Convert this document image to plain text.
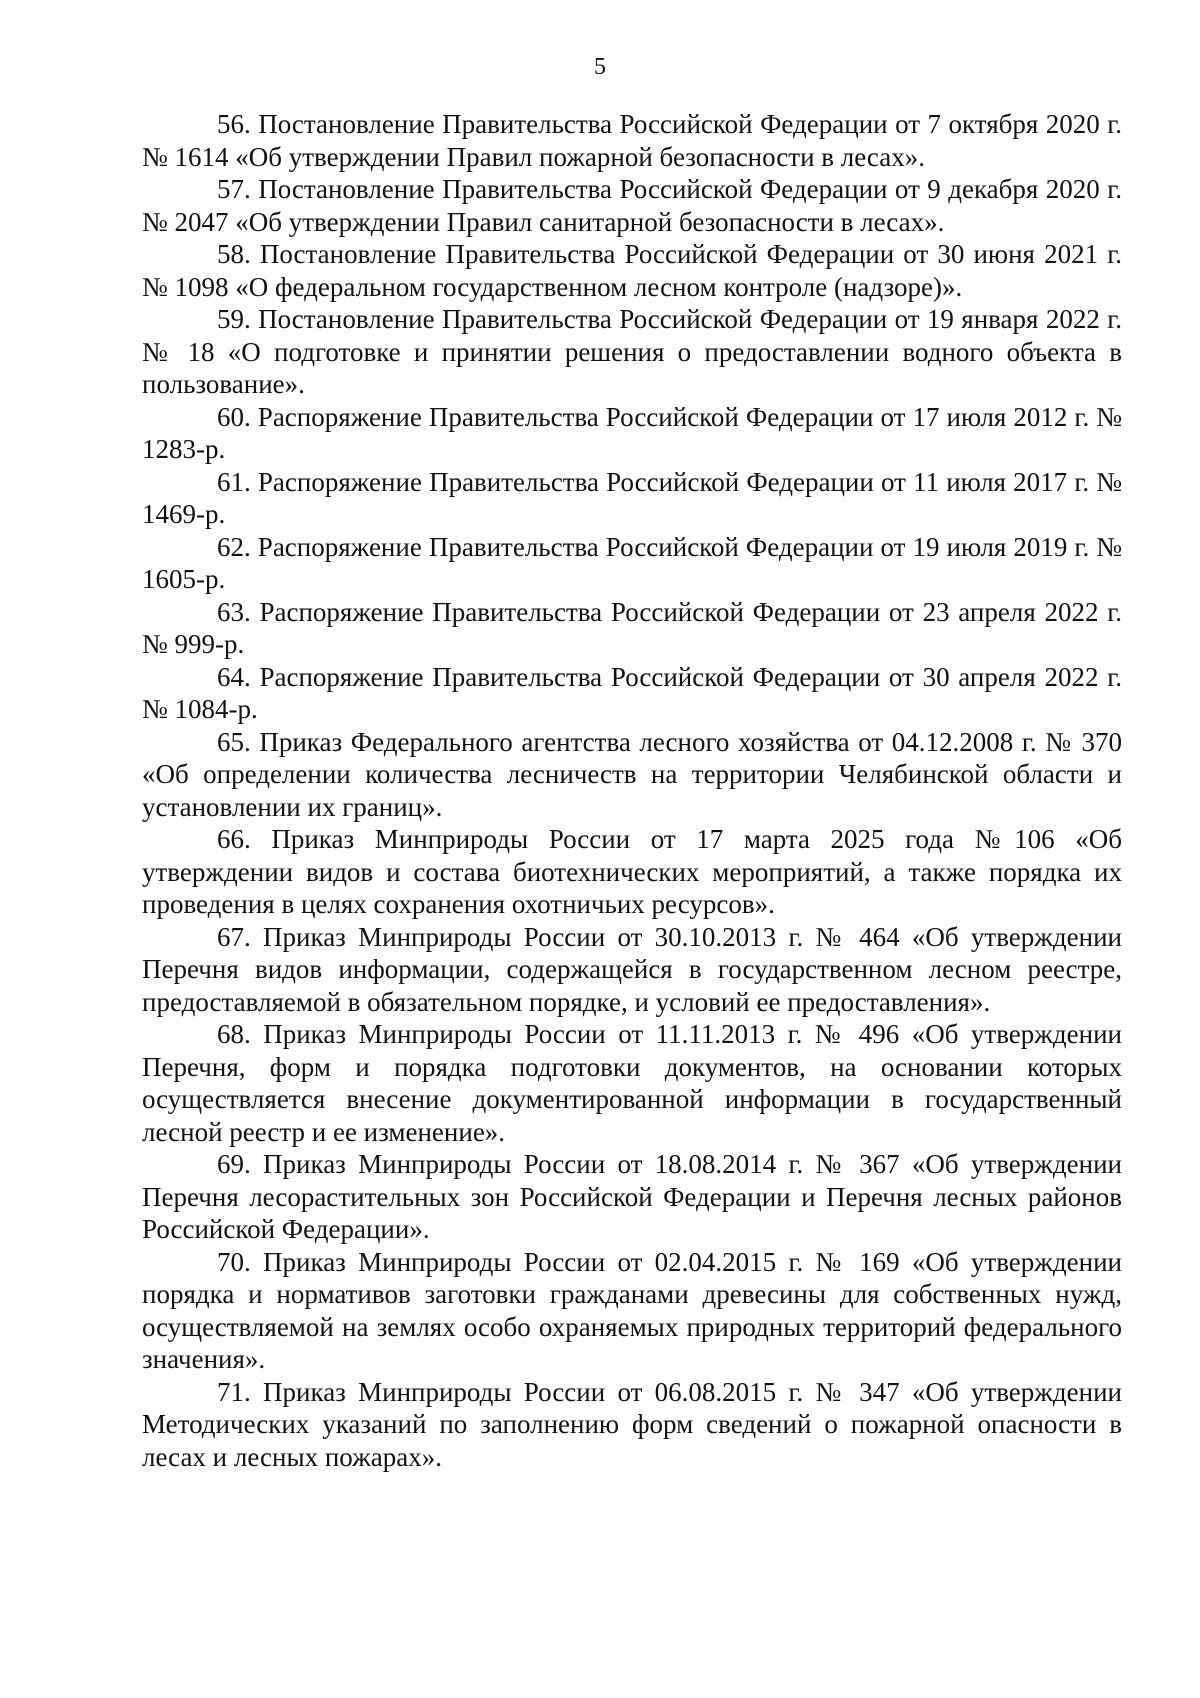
5

56. Постановление Правительства Российской Федерации от 7 октября 2020 г. № 1614 «Об утверждении Правил пожарной безопасности в лесах».

57. Постановление Правительства Российской Федерации от 9 декабря 2020 г. № 2047 «Об утверждении Правил санитарной безопасности в лесах».

58. Постановление Правительства Российской Федерации от 30 июня 2021 г. № 1098 «О федеральном государственном лесном контроле (надзоре)».

59. Постановление Правительства Российской Федерации от 19 января 2022 г. № 18 «О подготовке и принятии решения о предоставлении водного объекта в пользование».

60. Распоряжение Правительства Российской Федерации от 17 июля 2012 г. № 1283-р.

61. Распоряжение Правительства Российской Федерации от 11 июля 2017 г. № 1469-р.

62. Распоряжение Правительства Российской Федерации от 19 июля 2019 г. № 1605-р.

63. Распоряжение Правительства Российской Федерации от 23 апреля 2022 г. № 999-р.

64. Распоряжение Правительства Российской Федерации от 30 апреля 2022 г. № 1084-р.

65. Приказ Федерального агентства лесного хозяйства от 04.12.2008 г. № 370 «Об определении количества лесничеств на территории Челябинской области и установлении их границ».

66. Приказ Минприроды России от 17 марта 2025 года №106 «Об утверждении видов и состава биотехнических мероприятий, а также порядка их проведения в целях сохранения охотничьих ресурсов».

67. Приказ Минприроды России от 30.10.2013 г. № 464 «Об утверждении Перечня видов информации, содержащейся в государственном лесном реестре, предоставляемой в обязательном порядке, и условий ее предоставления».

68. Приказ Минприроды России от 11.11.2013 г. № 496 «Об утверждении Перечня, форм и порядка подготовки документов, на основании которых осуществляется внесение документированной информации в государственный лесной реестр и ее изменение».

69. Приказ Минприроды России от 18.08.2014 г. № 367 «Об утверждении Перечня лесорастительных зон Российской Федерации и Перечня лесных районов Российской Федерации».

70. Приказ Минприроды России от 02.04.2015 г. № 169 «Об утверждении порядка и нормативов заготовки гражданами древесины для собственных нужд, осуществляемой на землях особо охраняемых природных территорий федерального значения».

71. Приказ Минприроды России от 06.08.2015 г. № 347 «Об утверждении Методических указаний по заполнению форм сведений о пожарной опасности в лесах и лесных пожарах».
